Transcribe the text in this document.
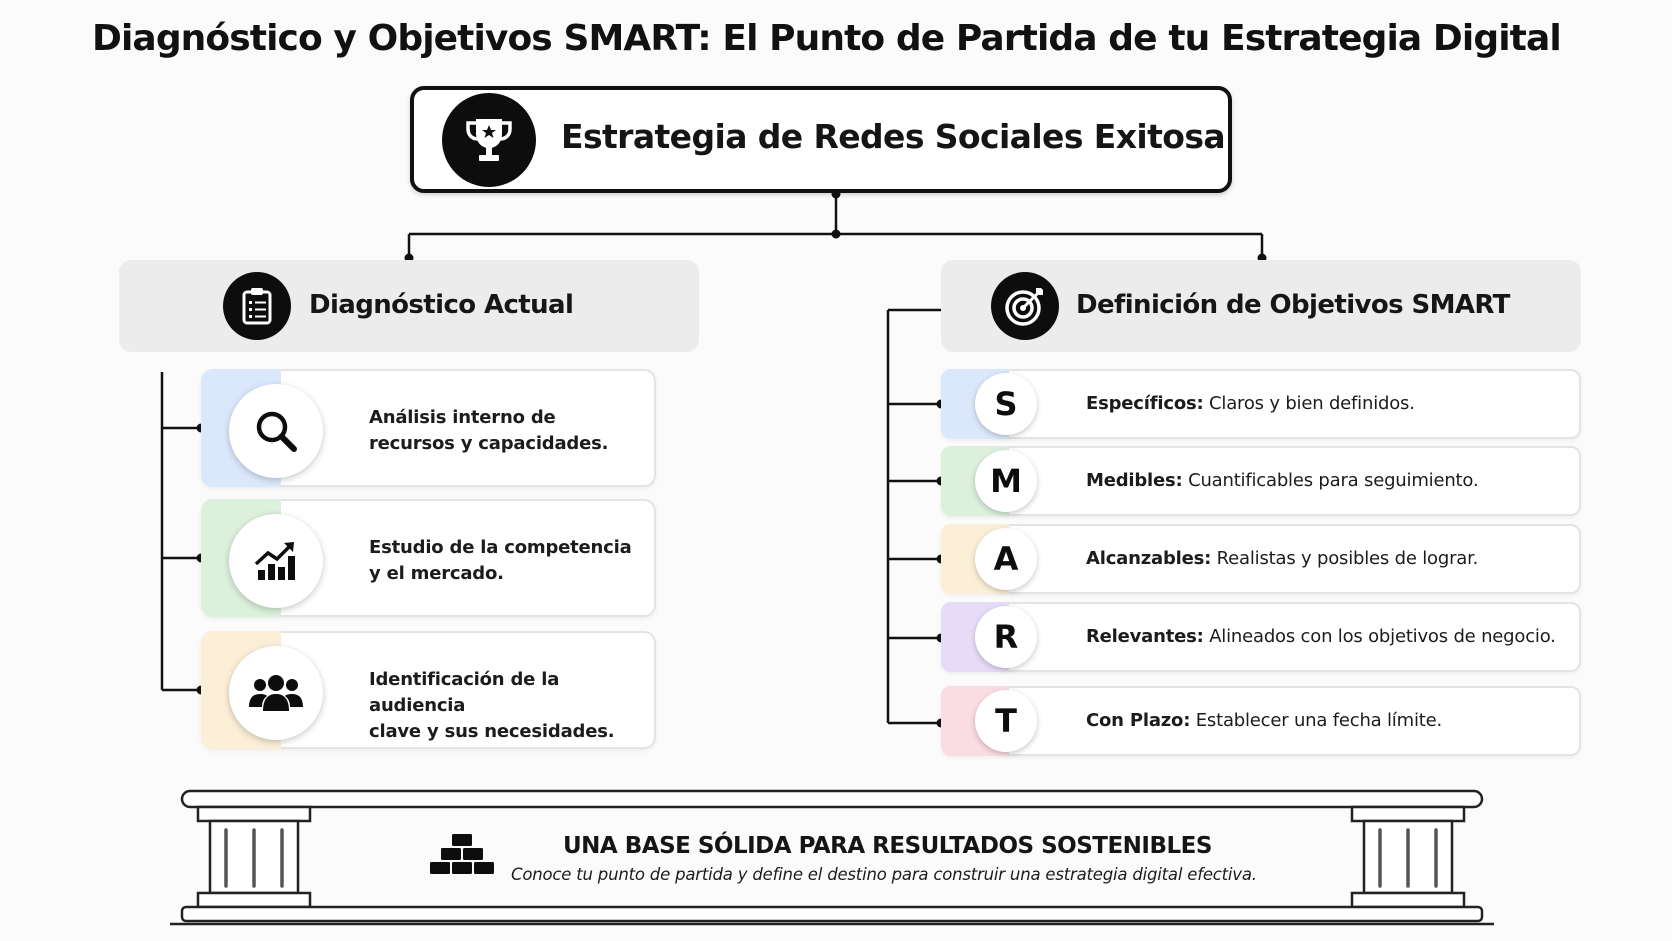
Diagnóstico y Objetivos SMART: El Punto de Partida de tu Estrategia Digital
Estrategia de Redes Sociales Exitosa
Diagnóstico Actual	Definición de Objetivos SMART
Análisis interno de
recursos y capacidades.
Estudio de la competencia
y el mercado.
Identificación de la audiencia
clave y sus necesidades.
S	Específicos: Claros y bien definidos.
M	Medibles: Cuantificables para seguimiento.
A	Alcanzables: Realistas y posibles de lograr.
R	Relevantes: Alineados con los objetivos de negocio.
T	Con Plazo: Establecer una fecha límite.
UNA BASE SÓLIDA PARA RESULTADOS SOSTENIBLES
Conoce tu punto de partida y define el destino para construir una estrategia digital efectiva.
